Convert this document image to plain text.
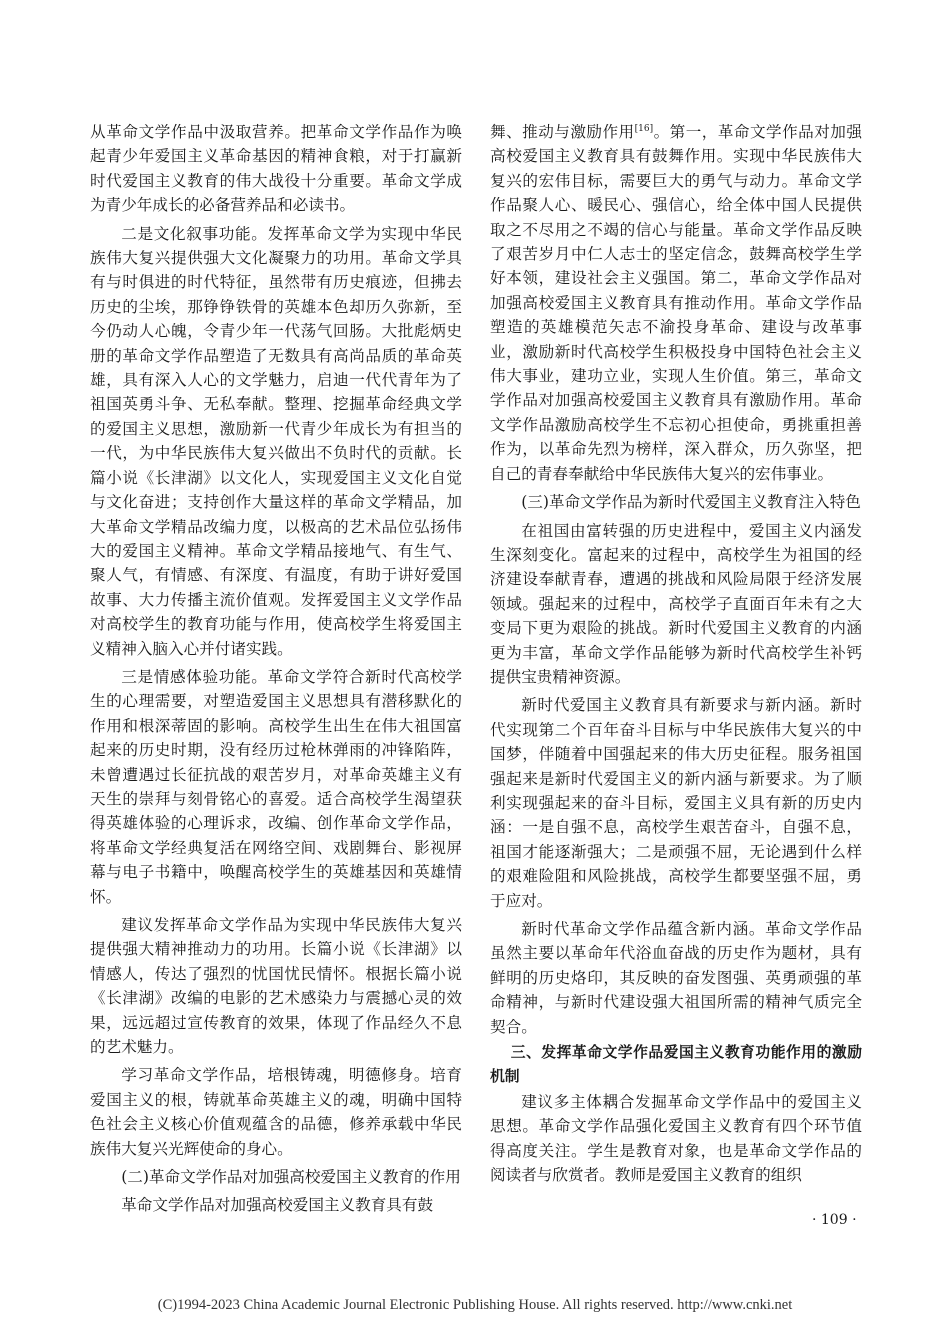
从革命文学作品中汲取营养。把革命文学作品作为唤起青少年爱国主义革命基因的精神食粮，对于打赢新时代爱国主义教育的伟大战役十分重要。革命文学成为青少年成长的必备营养品和必读书。

二是文化叙事功能。发挥革命文学为实现中华民族伟大复兴提供强大文化凝聚力的功用。革命文学具有与时俱进的时代特征，虽然带有历史痕迹，但拂去历史的尘埃，那铮铮铁骨的英雄本色却历久弥新，至今仍动人心魄，令青少年一代荡气回肠。大批彪炳史册的革命文学作品塑造了无数具有高尚品质的革命英雄，具有深入人心的文学魅力，启迪一代代青年为了祖国英勇斗争、无私奉献。整理、挖掘革命经典文学的爱国主义思想，激励新一代青少年成长为有担当的一代，为中华民族伟大复兴做出不负时代的贡献。长篇小说《长津湖》以文化人，实现爱国主义文化自觉与文化奋进；支持创作大量这样的革命文学精品，加大革命文学精品改编力度，以极高的艺术品位弘扬伟大的爱国主义精神。革命文学精品接地气、有生气、聚人气，有情感、有深度、有温度，有助于讲好爱国故事、大力传播主流价值观。发挥爱国主义文学作品对高校学生的教育功能与作用，使高校学生将爱国主义精神入脑入心并付诸实践。

三是情感体验功能。革命文学符合新时代高校学生的心理需要，对塑造爱国主义思想具有潜移默化的作用和根深蒂固的影响。高校学生出生在伟大祖国富起来的历史时期，没有经历过枪林弹雨的冲锋陷阵，未曾遭遇过长征抗战的艰苦岁月，对革命英雄主义有天生的崇拜与刻骨铭心的喜爱。适合高校学生渴望获得英雄体验的心理诉求，改编、创作革命文学作品，将革命文学经典复活在网络空间、戏剧舞台、影视屏幕与电子书籍中，唤醒高校学生的英雄基因和英雄情怀。

建议发挥革命文学作品为实现中华民族伟大复兴提供强大精神推动力的功用。长篇小说《长津湖》以情感人，传达了强烈的忧国忧民情怀。根据长篇小说《长津湖》改编的电影的艺术感染力与震撼心灵的效果，远远超过宣传教育的效果，体现了作品经久不息的艺术魅力。

学习革命文学作品，培根铸魂，明德修身。培育爱国主义的根，铸就革命英雄主义的魂，明确中国特色社会主义核心价值观蕴含的品德，修养承载中华民族伟大复兴光辉使命的身心。

(二)革命文学作品对加强高校爱国主义教育的作用

革命文学作品对加强高校爱国主义教育具有鼓

舞、推动与激励作用[16]。第一，革命文学作品对加强高校爱国主义教育具有鼓舞作用。实现中华民族伟大复兴的宏伟目标，需要巨大的勇气与动力。革命文学作品聚人心、暖民心、强信心，给全体中国人民提供取之不尽用之不竭的信心与能量。革命文学作品反映了艰苦岁月中仁人志士的坚定信念，鼓舞高校学生学好本领，建设社会主义强国。第二，革命文学作品对加强高校爱国主义教育具有推动作用。革命文学作品塑造的英雄模范矢志不渝投身革命、建设与改革事业，激励新时代高校学生积极投身中国特色社会主义伟大事业，建功立业，实现人生价值。第三，革命文学作品对加强高校爱国主义教育具有激励作用。革命文学作品激励高校学生不忘初心担使命，勇挑重担善作为，以革命先烈为榜样，深入群众，历久弥坚，把自己的青春奉献给中华民族伟大复兴的宏伟事业。

(三)革命文学作品为新时代爱国主义教育注入特色

在祖国由富转强的历史进程中，爱国主义内涵发生深刻变化。富起来的过程中，高校学生为祖国的经济建设奉献青春，遭遇的挑战和风险局限于经济发展领域。强起来的过程中，高校学子直面百年未有之大变局下更为艰险的挑战。新时代爱国主义教育的内涵更为丰富，革命文学作品能够为新时代高校学生补钙提供宝贵精神资源。

新时代爱国主义教育具有新要求与新内涵。新时代实现第二个百年奋斗目标与中华民族伟大复兴的中国梦，伴随着中国强起来的伟大历史征程。服务祖国强起来是新时代爱国主义的新内涵与新要求。为了顺利实现强起来的奋斗目标，爱国主义具有新的历史内涵：一是自强不息，高校学生艰苦奋斗，自强不息，祖国才能逐渐强大；二是顽强不屈，无论遇到什么样的艰难险阻和风险挑战，高校学生都要坚强不屈，勇于应对。

新时代革命文学作品蕴含新内涵。革命文学作品虽然主要以革命年代浴血奋战的历史作为题材，具有鲜明的历史烙印，其反映的奋发图强、英勇顽强的革命精神，与新时代建设强大祖国所需的精神气质完全契合。

三、发挥革命文学作品爱国主义教育功能作用的激励机制

建议多主体耦合发掘革命文学作品中的爱国主义思想。革命文学作品强化爱国主义教育有四个环节值得高度关注。学生是教育对象，也是革命文学作品的阅读者与欣赏者。教师是爱国主义教育的组织

· 109 ·
(C)1994-2023 China Academic Journal Electronic Publishing House. All rights reserved. http://www.cnki.net
